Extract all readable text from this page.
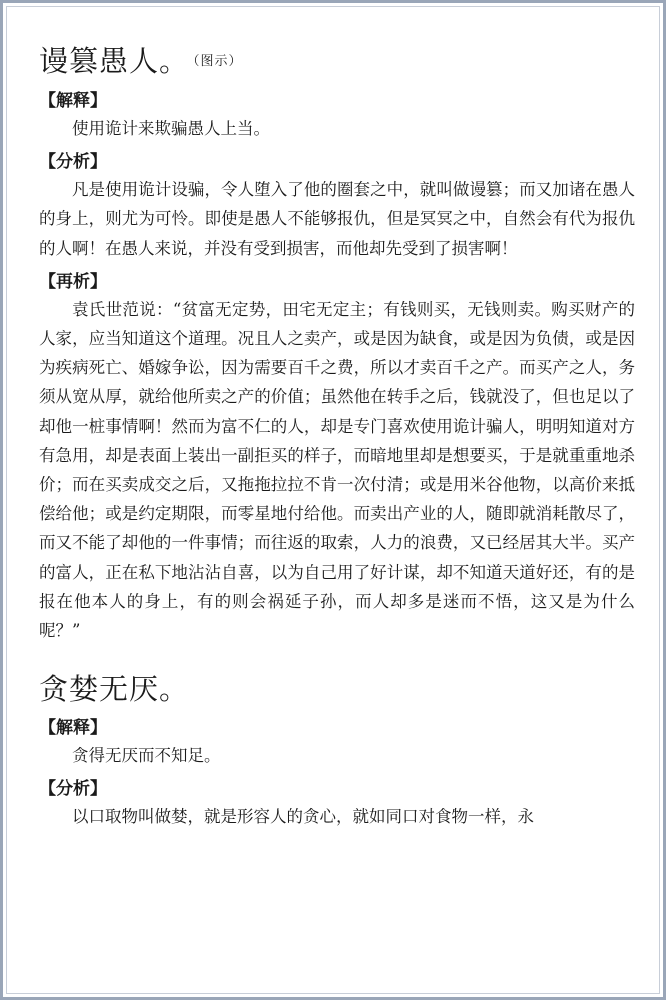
谩篡愚人。 $^{(图示)}$
【解释】

使用诡计来欺骗愚人上当。

【分析】

凡是使用诡计设骗，令人堕入了他的圈套之中，就叫做谩篡；而又加诸在愚人的身上，则尤为可怜。即使是愚人不能够报仇，但是冥冥之中，自然会有代为报仇的人啊！在愚人来说，并没有受到损害，而他却先受到了损害啊！

【再析】

袁氏世范说：“贫富无定势，田宅无定主；有钱则买，无钱则卖。购买财产的人家，应当知道这个道理。况且人之卖产，或是因为缺食，或是因为负债，或是因为疾病死亡、婚嫁争讼，因为需要百千之费，所以才卖百千之产。而买产之人，务须从宽从厚，就给他所卖之产的价值；虽然他在转手之后，钱就没了，但也足以了却他一桩事情啊！然而为富不仁的人，却是专门喜欢使用诡计骗人，明明知道对方有急用，却是表面上装出一副拒买的样子，而暗地里却是想要买，于是就重重地杀价；而在买卖成交之后，又拖拖拉拉不肯一次付清；或是用米谷他物，以高价来抵偿给他；或是约定期限，而零星地付给他。而卖出产业的人，随即就消耗散尽了，而又不能了却他的一件事情；而往返的取索，人力的浪费，又已经居其大半。买产的富人，正在私下地沾沾自喜，以为自己用了好计谋，却不知道天道好还，有的是报在他本人的身上，有的则会祸延子孙，而人却多是迷而不悟，这又是为什么呢？”

贪婪无厌。
【解释】

贪得无厌而不知足。

【分析】

以口取物叫做婪，就是形容人的贪心，就如同口对食物一样，永
